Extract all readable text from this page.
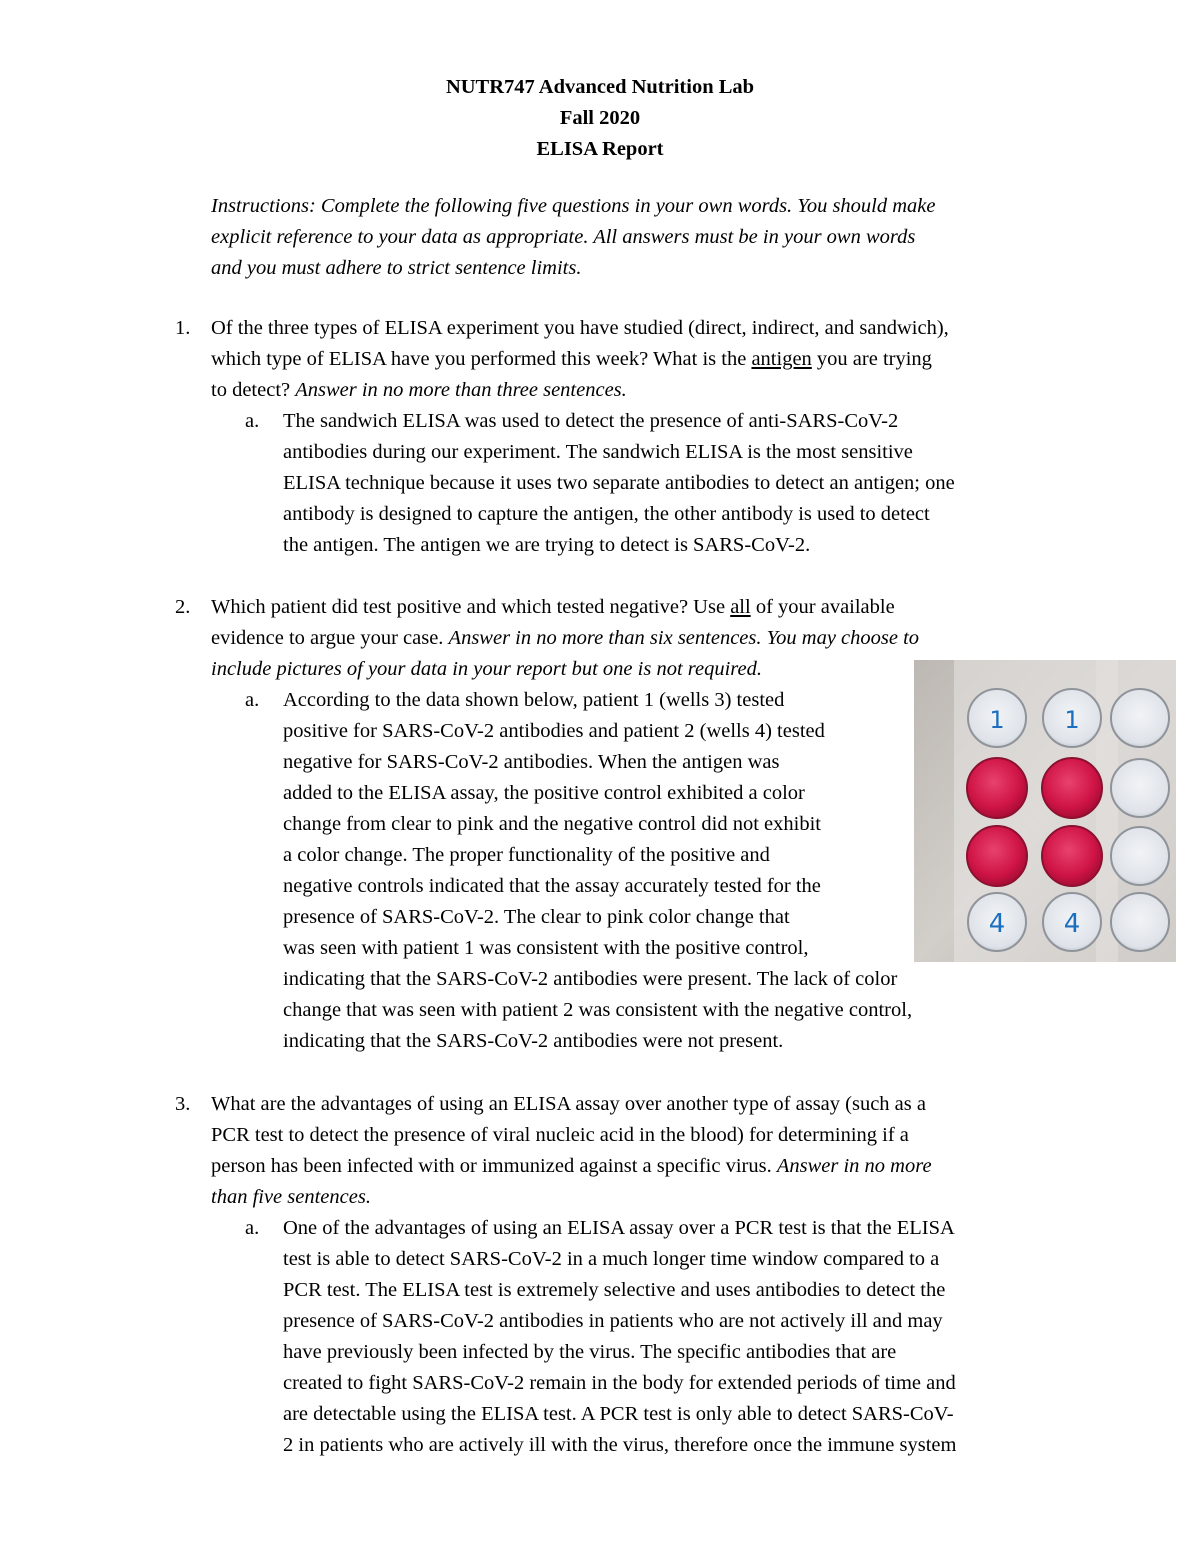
NUTR747 Advanced Nutrition Lab
Fall 2020
ELISA Report
Instructions: Complete the following five questions in your own words. You should make
explicit reference to your data as appropriate. All answers must be in your own words
and you must adhere to strict sentence limits.
1. Of the three types of ELISA experiment you have studied (direct, indirect, and sandwich),
which type of ELISA have you performed this week? What is the antigen you are trying
to detect? Answer in no more than three sentences.
a. The sandwich ELISA was used to detect the presence of anti-SARS-CoV-2
antibodies during our experiment. The sandwich ELISA is the most sensitive
ELISA technique because it uses two separate antibodies to detect an antigen; one
antibody is designed to capture the antigen, the other antibody is used to detect
the antigen. The antigen we are trying to detect is SARS-CoV-2.
2. Which patient did test positive and which tested negative? Use all of your available
evidence to argue your case. Answer in no more than six sentences. You may choose to
include pictures of your data in your report but one is not required.
a. According to the data shown below, patient 1 (wells 3) tested
positive for SARS-CoV-2 antibodies and patient 2 (wells 4) tested
negative for SARS-CoV-2 antibodies. When the antigen was
added to the ELISA assay, the positive control exhibited a color
change from clear to pink and the negative control did not exhibit
a color change. The proper functionality of the positive and
negative controls indicated that the assay accurately tested for the
presence of SARS-CoV-2. The clear to pink color change that
was seen with patient 1 was consistent with the positive control,
indicating that the SARS-CoV-2 antibodies were present. The lack of color
change that was seen with patient 2 was consistent with the negative control,
indicating that the SARS-CoV-2 antibodies were not present.
1 1
4 4
3. What are the advantages of using an ELISA assay over another type of assay (such as a
PCR test to detect the presence of viral nucleic acid in the blood) for determining if a
person has been infected with or immunized against a specific virus. Answer in no more
than five sentences.
a. One of the advantages of using an ELISA assay over a PCR test is that the ELISA
test is able to detect SARS-CoV-2 in a much longer time window compared to a
PCR test. The ELISA test is extremely selective and uses antibodies to detect the
presence of SARS-CoV-2 antibodies in patients who are not actively ill and may
have previously been infected by the virus. The specific antibodies that are
created to fight SARS-CoV-2 remain in the body for extended periods of time and
are detectable using the ELISA test. A PCR test is only able to detect SARS-CoV-
2 in patients who are actively ill with the virus, therefore once the immune system
